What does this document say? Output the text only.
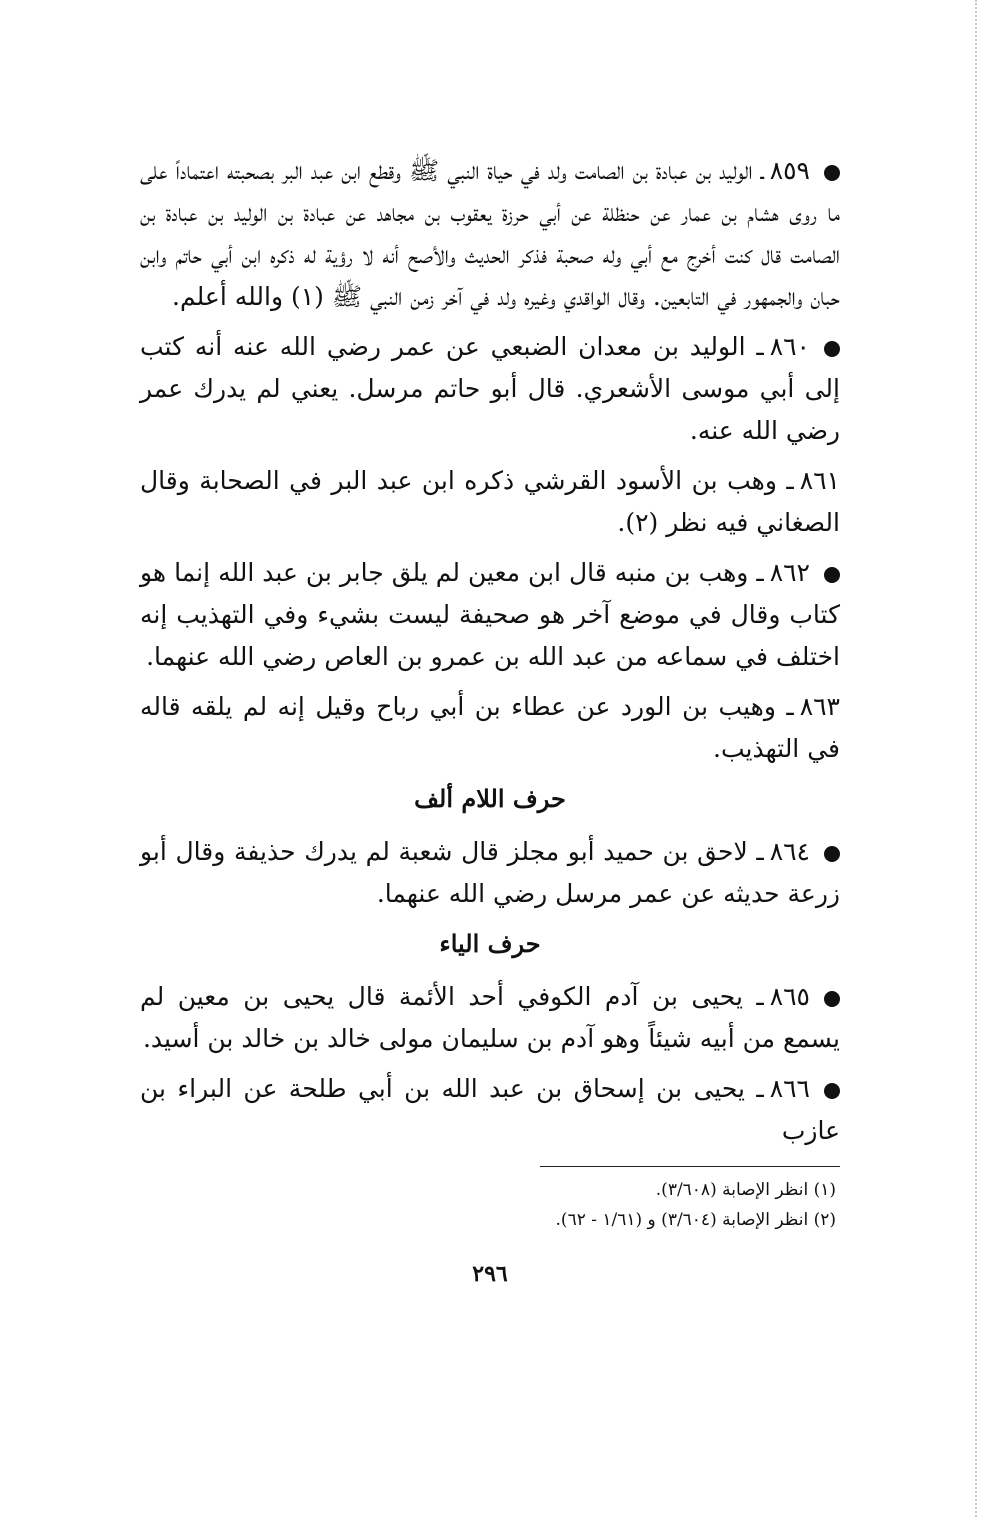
٨٥٩ـ الوليد بن عبادة بن الصامت ولد في حياة النبي ﷺ وقطع ابن عبد البر بصحبته اعتماداً على ما روى هشام بن عمار عن حنظلة عن أبي حرزة يعقوب بن مجاهد عن عبادة بن الوليد بن عبادة بن الصامت قال كنت أخرج مع أبي وله صحبة فذكر الحديث والأصح أنه لا رؤية له ذكره ابن أبي حاتم وابن حبان والجمهور في التابعين. وقال الواقدي وغيره ولد في آخر زمن النبي ﷺ (١) والله أعلم.
٨٦٠ـ الوليد بن معدان الضبعي عن عمر رضي الله عنه أنه كتب إلى أبي موسى الأشعري. قال أبو حاتم مرسل. يعني لم يدرك عمر رضي الله عنه.
٨٦١ـ وهب بن الأسود القرشي ذكره ابن عبد البر في الصحابة وقال الصغاني فيه نظر (٢).
٨٦٢ـ وهب بن منبه قال ابن معين لم يلق جابر بن عبد الله إنما هو كتاب وقال في موضع آخر هو صحيفة ليست بشيء وفي التهذيب إنه اختلف في سماعه من عبد الله بن عمرو بن العاص رضي الله عنهما.
٨٦٣ـ وهيب بن الورد عن عطاء بن أبي رباح وقيل إنه لم يلقه قاله في التهذيب.
حرف اللام ألف
٨٦٤ـ لاحق بن حميد أبو مجلز قال شعبة لم يدرك حذيفة وقال أبو زرعة حديثه عن عمر مرسل رضي الله عنهما.
حرف الياء
٨٦٥ـ يحيى بن آدم الكوفي أحد الأئمة قال يحيى بن معين لم يسمع من أبيه شيئاً وهو آدم بن سليمان مولى خالد بن خالد بن أسيد.
٨٦٦ـ يحيى بن إسحاق بن عبد الله بن أبي طلحة عن البراء بن عازب
(١) انظر الإصابة (٣/٦٠٨).
(٢) انظر الإصابة (٣/٦٠٤) و (١/٦١ - ٦٢).
٢٩٦
